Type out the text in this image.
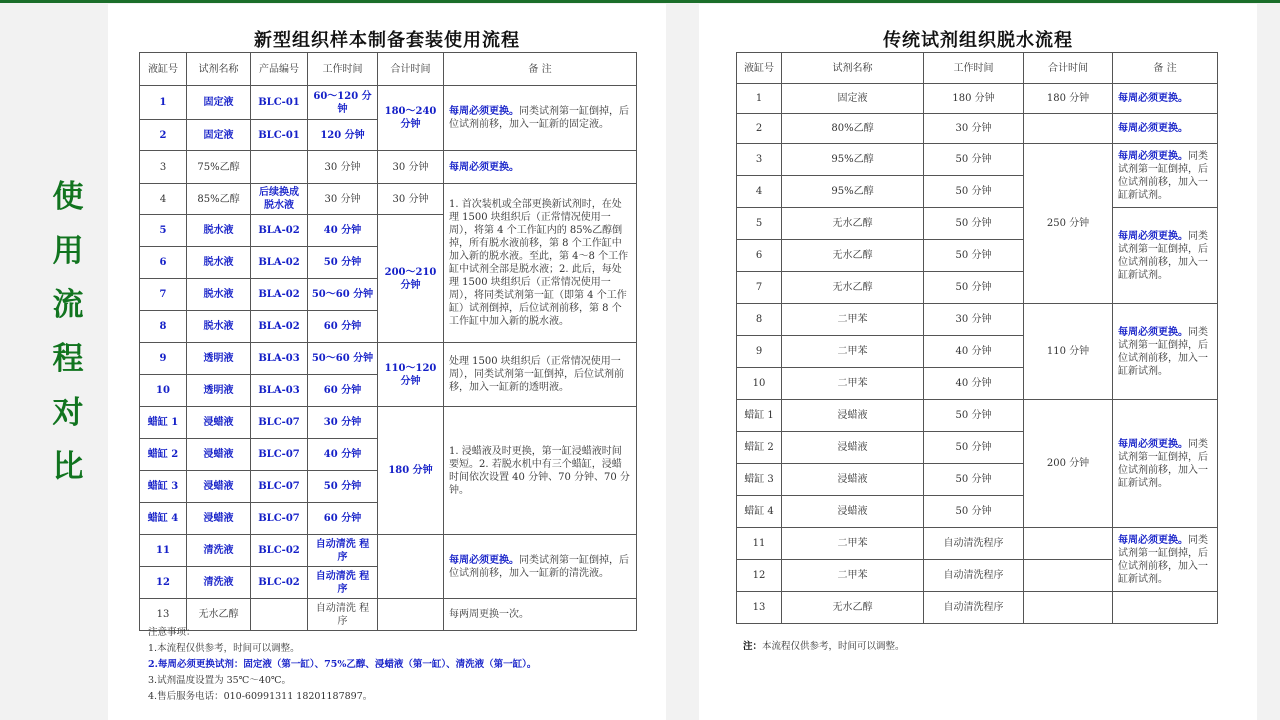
使
用
流
程
对
比
新型组织样本制备套装使用流程
液缸号	试剂名称	产品编号	工作时间	合计时间	备 注
1	固定液	BLC-01	60～120 分钟	180～240 分钟	每周必须更换。同类试剂第一缸倒掉，后位试剂前移，加入一缸新的固定液。
2	固定液	BLC-01	120 分钟		
3	75%乙醇		30 分钟	30 分钟	每周必须更换。
4	85%乙醇	后续换成 脱水液	30 分钟	30 分钟	1. 首次装机或全部更换新试剂时，在处理 1500 块组织后（正常情况使用一周），将第 4 个工作缸内的 85%乙醇倒掉，所有脱水液前移，第 8 个工作缸中加入新的脱水液。至此，第 4～8 个工作缸中试剂全部是脱水液；2. 此后，每处理 1500 块组织后（正常情况使用一周），将同类试剂第一缸（即第 4 个工作缸）试剂倒掉，后位试剂前移，第 8 个工作缸中加入新的脱水液。
5	脱水液	BLA-02	40 分钟	200～210 分钟	
6	脱水液	BLA-02	50 分钟		
7	脱水液	BLA-02	50～60 分钟		
8	脱水液	BLA-02	60 分钟		
9	透明液	BLA-03	50～60 分钟	110～120 分钟	处理 1500 块组织后（正常情况使用一周），同类试剂第一缸倒掉，后位试剂前移，加入一缸新的透明液。
10	透明液	BLA-03	60 分钟		
蜡缸 1	浸蜡液	BLC-07	30 分钟	180 分钟	1. 浸蜡液及时更换，第一缸浸蜡液时间要短。2. 若脱水机中有三个蜡缸，浸蜡时间依次设置 40 分钟、70 分钟、70 分钟。
蜡缸 2	浸蜡液	BLC-07	40 分钟		
蜡缸 3	浸蜡液	BLC-07	50 分钟		
蜡缸 4	浸蜡液	BLC-07	60 分钟		
11	清洗液	BLC-02	自动清洗 程序		每周必须更换。同类试剂第一缸倒掉，后位试剂前移，加入一缸新的清洗液。
12	清洗液	BLC-02	自动清洗 程序		
13	无水乙醇		自动清洗 程序		每两周更换一次。
注意事项：
1.本流程仅供参考，时间可以调整。
2.每周必须更换试剂：固定液（第一缸）、75%乙醇、浸蜡液（第一缸）、清洗液（第一缸）。
3.试剂温度设置为 35℃～40℃。
4.售后服务电话：010-60991311 18201187897。
传统试剂组织脱水流程
液缸号	试剂名称	工作时间	合计时间	备 注
1	固定液	180 分钟	180 分钟	每周必须更换。
2	80%乙醇	30 分钟		每周必须更换。
3	95%乙醇	50 分钟	250 分钟	每周必须更换。同类试剂第一缸倒掉，后位试剂前移，加入一缸新试剂。
4	95%乙醇	50 分钟		
5	无水乙醇	50 分钟		每周必须更换。同类试剂第一缸倒掉，后位试剂前移，加入一缸新试剂。
6	无水乙醇	50 分钟		
7	无水乙醇	50 分钟		
8	二甲苯	30 分钟	110 分钟	每周必须更换。同类试剂第一缸倒掉，后位试剂前移，加入一缸新试剂。
9	二甲苯	40 分钟		
10	二甲苯	40 分钟		
蜡缸 1	浸蜡液	50 分钟	200 分钟	每周必须更换。同类试剂第一缸倒掉，后位试剂前移，加入一缸新试剂。
蜡缸 2	浸蜡液	50 分钟		
蜡缸 3	浸蜡液	50 分钟		
蜡缸 4	浸蜡液	50 分钟		
11	二甲苯	自动清洗程序		每周必须更换。同类试剂第一缸倒掉，后位试剂前移，加入一缸新试剂。
12	二甲苯	自动清洗程序		
13	无水乙醇	自动清洗程序		
注：本流程仅供参考，时间可以调整。
